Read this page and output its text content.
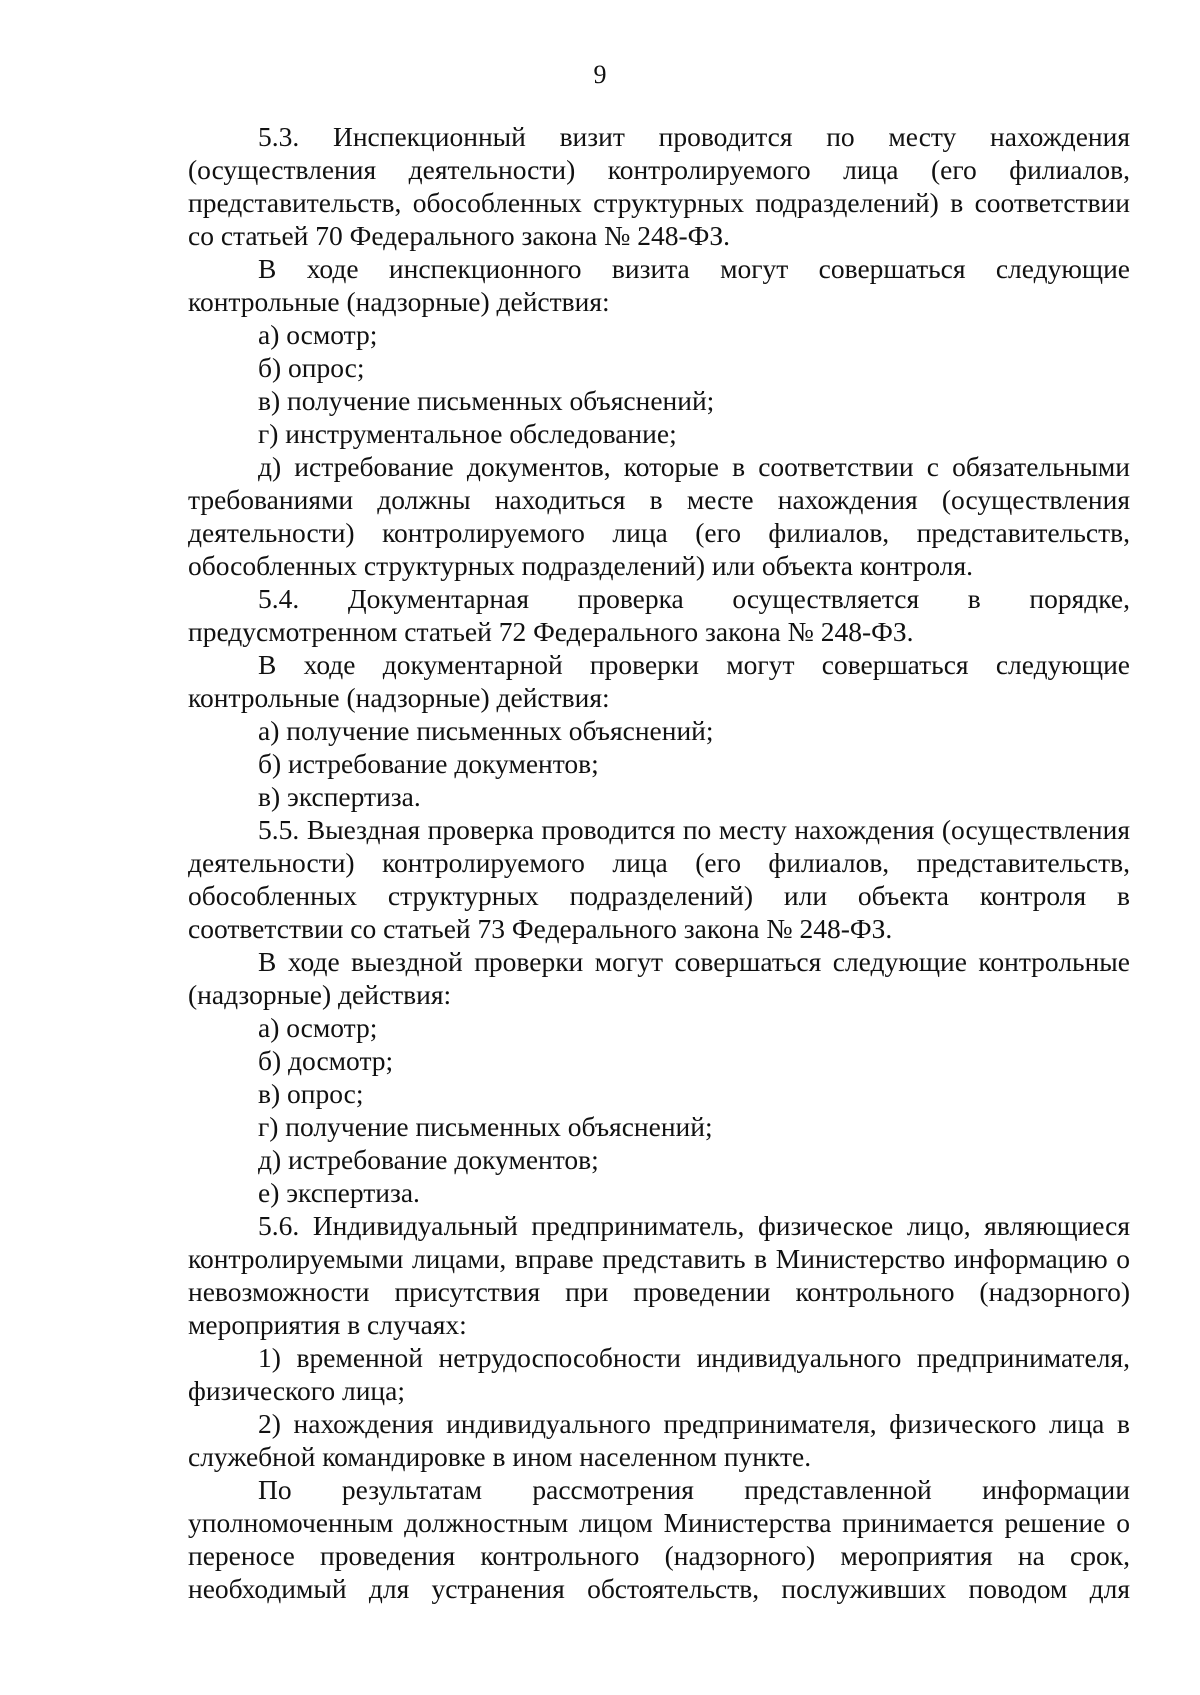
9

5.3. Инспекционный визит проводится по месту нахождения (осуществления деятельности) контролируемого лица (его филиалов, представительств, обособленных структурных подразделений) в соответствии со статьей 70 Федерального закона № 248-ФЗ.

В ходе инспекционного визита могут совершаться следующие контрольные (надзорные) действия:

а) осмотр;

б) опрос;

в) получение письменных объяснений;

г) инструментальное обследование;

д) истребование документов, которые в соответствии с обязательными требованиями должны находиться в месте нахождения (осуществления деятельности) контролируемого лица (его филиалов, представительств, обособленных структурных подразделений) или объекта контроля.

5.4. Документарная проверка осуществляется в порядке, предусмотренном статьей 72 Федерального закона № 248-ФЗ.

В ходе документарной проверки могут совершаться следующие контрольные (надзорные) действия:

а) получение письменных объяснений;

б) истребование документов;

в) экспертиза.

5.5. Выездная проверка проводится по месту нахождения (осуществления деятельности) контролируемого лица (его филиалов, представительств, обособленных структурных подразделений) или объекта контроля в соответствии со статьей 73 Федерального закона № 248-ФЗ.

В ходе выездной проверки могут совершаться следующие контрольные (надзорные) действия:

а) осмотр;

б) досмотр;

в) опрос;

г) получение письменных объяснений;

д) истребование документов;

е) экспертиза.

5.6. Индивидуальный предприниматель, физическое лицо, являющиеся контролируемыми лицами, вправе представить в Министерство информацию о невозможности присутствия при проведении контрольного (надзорного) мероприятия в случаях:

1) временной нетрудоспособности индивидуального предпринимателя, физического лица;

2) нахождения индивидуального предпринимателя, физического лица в служебной командировке в ином населенном пункте.

По результатам рассмотрения представленной информации уполномоченным должностным лицом Министерства принимается решение о переносе проведения контрольного (надзорного) мероприятия на срок, необходимый для устранения обстоятельств, послуживших поводом для
